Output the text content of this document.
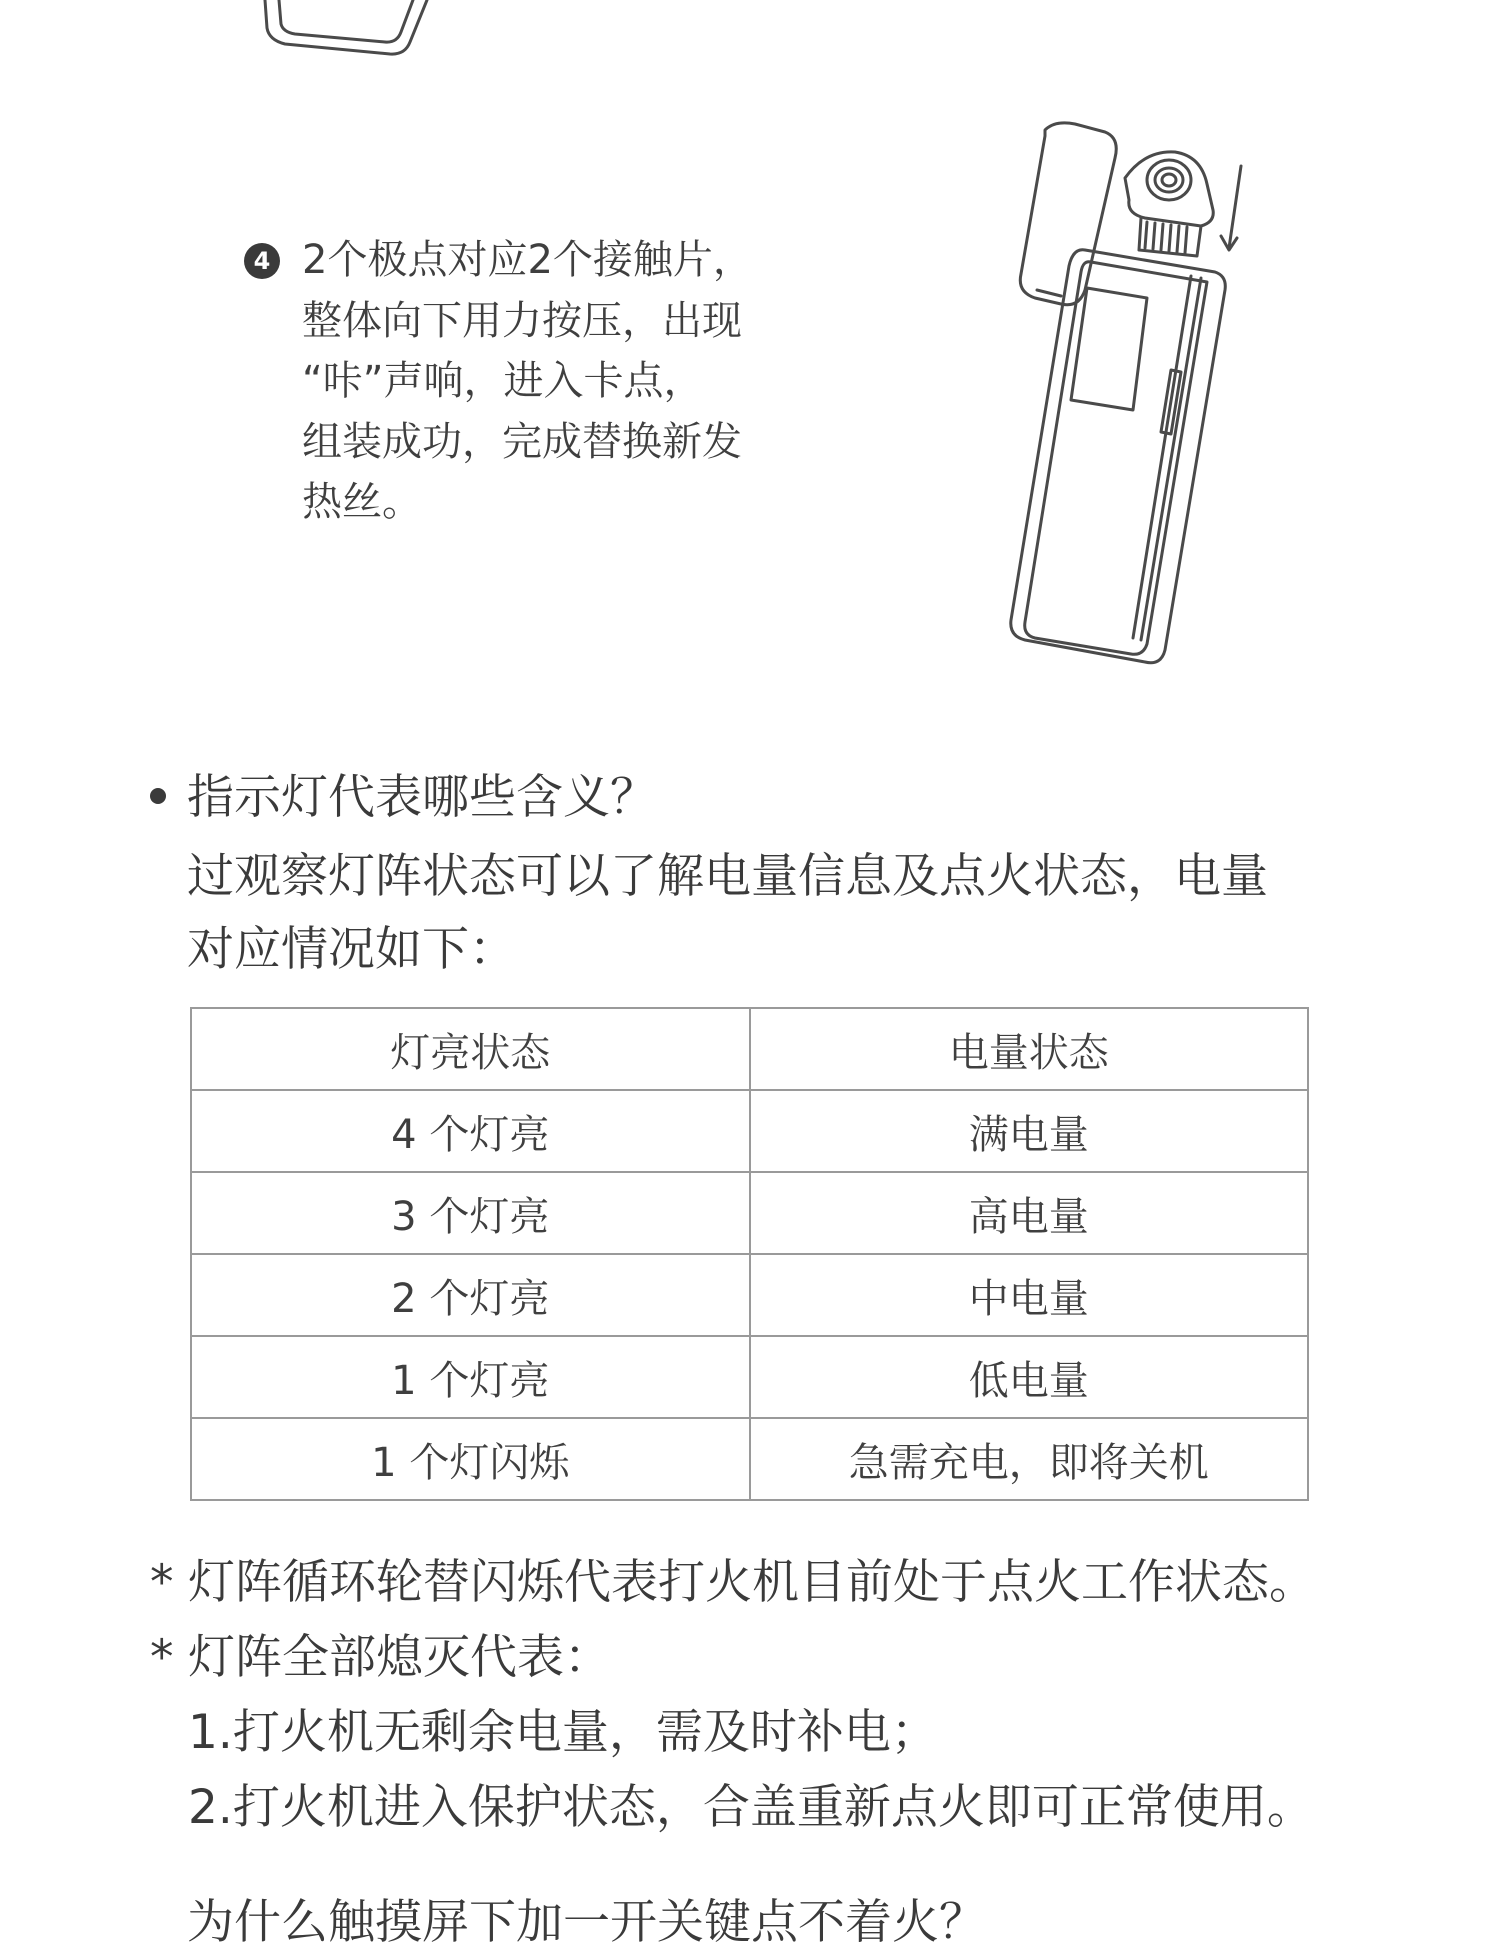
4 2个极点对应2个接触片，
整体向下用力按压，出现
“咔”声响，进入卡点，
组装成功，完成替换新发
热丝。
指示灯代表哪些含义？
过观察灯阵状态可以了解电量信息及点火状态，电量
对应情况如下：
灯亮状态	电量状态
4 个灯亮	满电量
3 个灯亮	高电量
2 个灯亮	中电量
1 个灯亮	低电量
1 个灯闪烁	急需充电，即将关机
* 灯阵循环轮替闪烁代表打火机目前处于点火工作状态。
* 灯阵全部熄灭代表：
1.打火机无剩余电量，需及时补电；
2.打火机进入保护状态，合盖重新点火即可正常使用。
为什么触摸屏下加一开关键点不着火？
